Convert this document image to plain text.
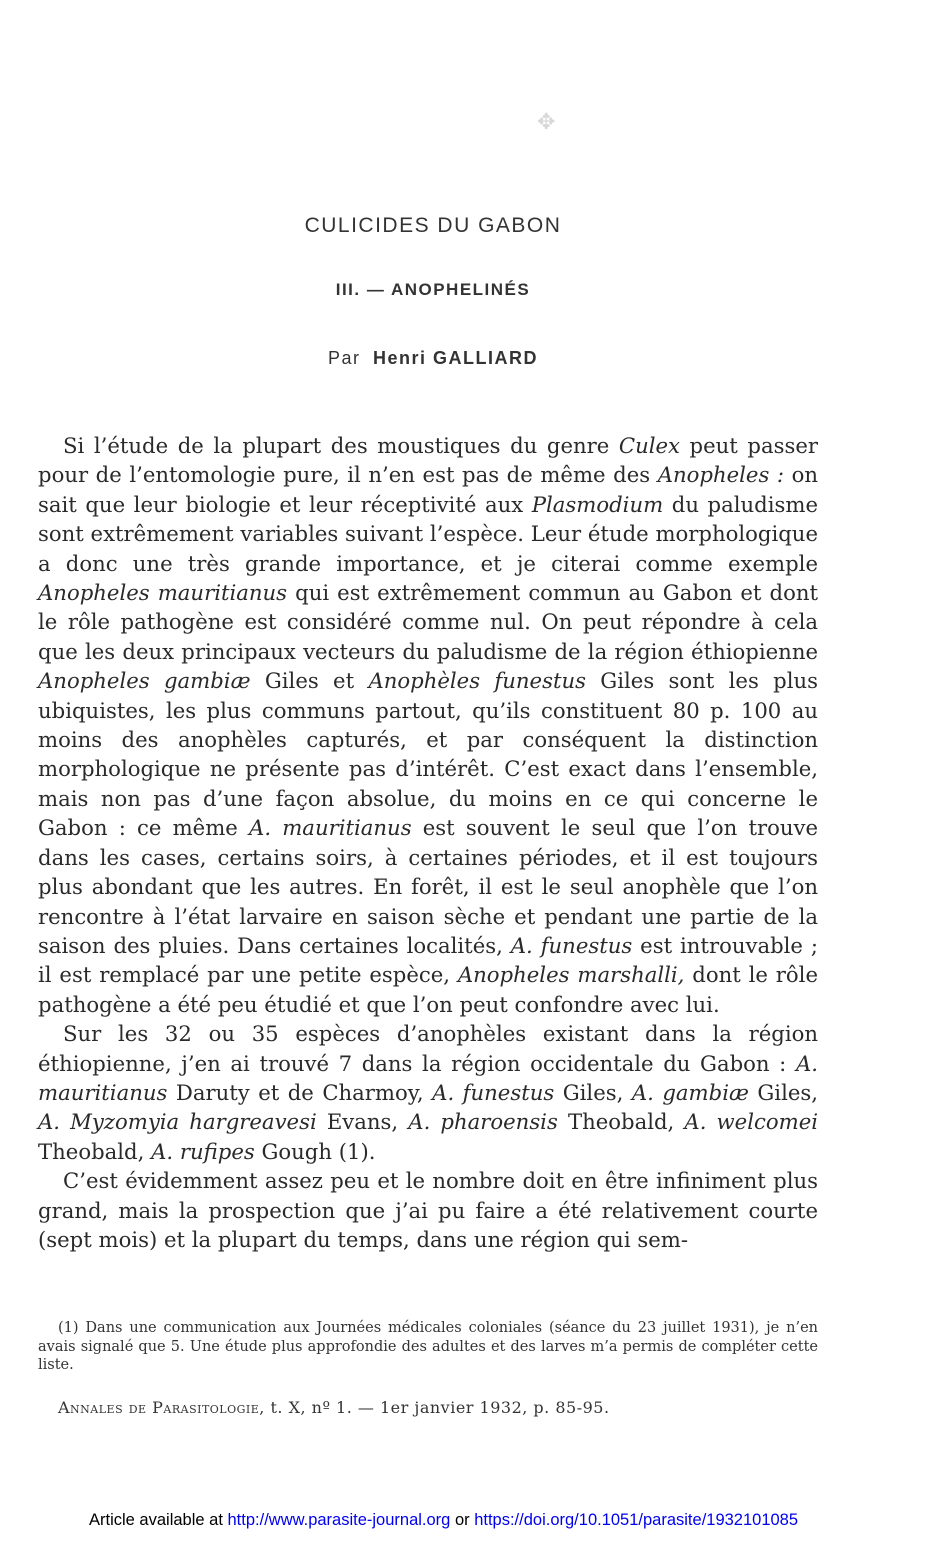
✥
CULICIDES DU GABON
III. — ANOPHELINÉS
Par Henri GALLIARD

Si l’étude de la plupart des moustiques du genre Culex peut passer pour de l’entomologie pure, il n’en est pas de même des Anopheles : on sait que leur biologie et leur réceptivité aux Plasmodium du paludisme sont extrêmement variables suivant l’espèce. Leur étude morphologique a donc une très grande importance, et je citerai comme exemple Anopheles mauritianus qui est extrêmement commun au Gabon et dont le rôle pathogène est considéré comme nul. On peut répondre à cela que les deux principaux vecteurs du paludisme de la région éthiopienne Anopheles gambiæ Giles et Anophèles funestus Giles sont les plus ubiquistes, les plus communs partout, qu’ils constituent 80 p. 100 au moins des anophèles capturés, et par conséquent la distinction morphologique ne présente pas d’intérêt. C’est exact dans l’ensemble, mais non pas d’une façon absolue, du moins en ce qui concerne le Gabon : ce même A. mauritianus est souvent le seul que l’on trouve dans les cases, certains soirs, à certaines périodes, et il est toujours plus abondant que les autres. En forêt, il est le seul anophèle que l’on rencontre à l’état larvaire en saison sèche et pendant une partie de la saison des pluies. Dans certaines localités, A. funestus est introuvable ; il est remplacé par une petite espèce, Anopheles marshalli, dont le rôle pathogène a été peu étudié et que l’on peut confondre avec lui.

Sur les 32 ou 35 espèces d’anophèles existant dans la région éthiopienne, j’en ai trouvé 7 dans la région occidentale du Gabon : A. mauritianus Daruty et de Charmoy, A. funestus Giles, A. gambiæ Giles, A. Myzomyia hargreavesi Evans, A. pharoensis Theobald, A. welcomei Theobald, A. rufipes Gough (1).

C’est évidemment assez peu et le nombre doit en être infiniment plus grand, mais la prospection que j’ai pu faire a été relativement courte (sept mois) et la plupart du temps, dans une région qui sem-

(1) Dans une communication aux Journées médicales coloniales (séance du 23 juillet 1931), je n’en avais signalé que 5. Une étude plus approfondie des adultes et des larves m’a permis de compléter cette liste.
Annales de Parasitologie, t. X, nº 1. — 1er janvier 1932, p. 85-95.
Article available at http://www.parasite-journal.org or https://doi.org/10.1051/parasite/1932101085
